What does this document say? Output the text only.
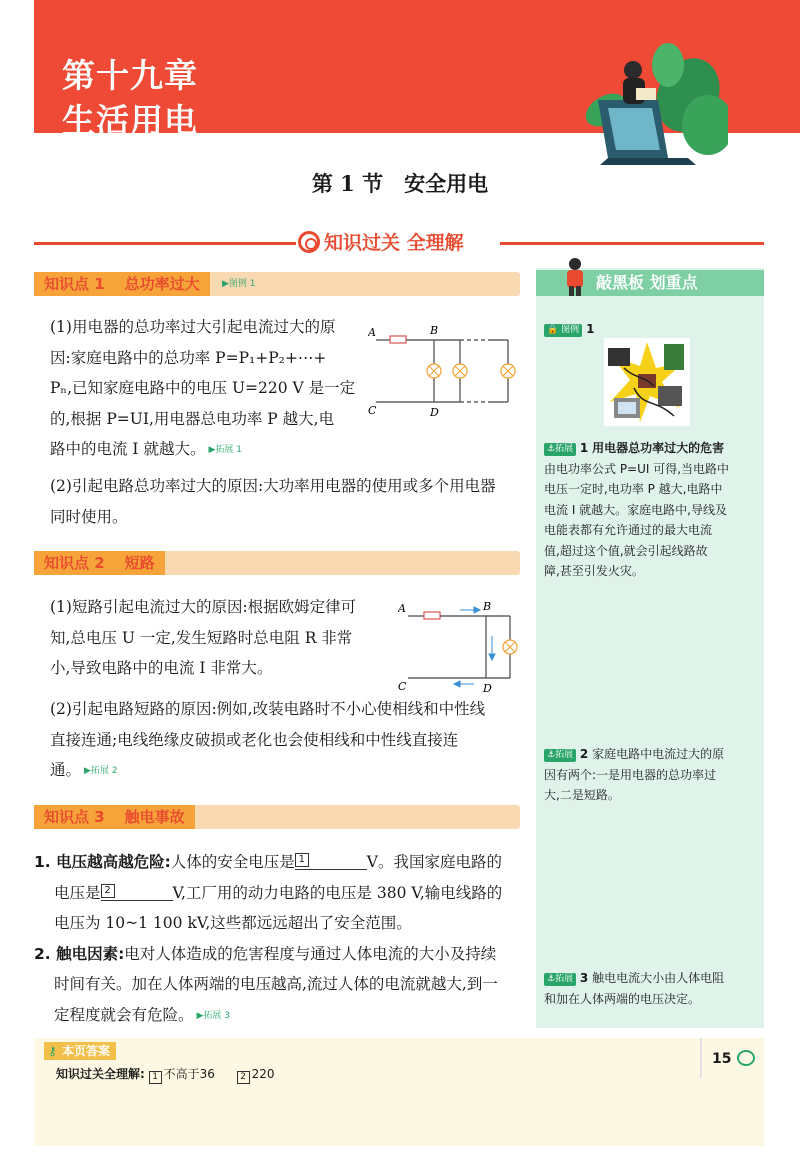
第十九章
生活用电
第 1 节　安全用电
知识过关 全理解
知识点 1 总功率过大	▶图例 1

(1)用电器的总功率过大引起电流过大的原

因:家庭电路中的总功率 P=P₁+P₂+⋯+

Pₙ,已知家庭电路中的电压 U=220 V 是一定

的,根据 P=UI,用电器总电功率 P 越大,电

路中的电流 I 就越大。 ▶拓展 1

A	B
C	D

(2)引起电路总功率过大的原因:大功率用电器的使用或多个用电器

同时使用。

知识点 2 短路

(1)短路引起电流过大的原因:根据欧姆定律可

知,总电压 U 一定,发生短路时总电阻 R 非常

小,导致电路中的电流 I 非常大。

A	B
C	D

(2)引起电路短路的原因:例如,改装电路时不小心使相线和中性线

直接连通;电线绝缘皮破损或老化也会使相线和中性线直接连

通。 ▶拓展 2

知识点 3 触电事故

1. 电压越高越危险:人体的安全电压是 1	V。我国家庭电路的

电压是 2	V,工厂用的动力电路的电压是 380 V,输电线路的

电压为 10~1 100 kV,这些都远远超出了安全范围。

2. 触电因素:电对人体造成的危害程度与通过人体电流的大小及持续

时间有关。加在人体两端的电压越高,流过人体的电流就越大,到一

定程度就会有危险。 ▶拓展 3

敲黑板 划重点
🔒 图例 1
⚓拓展 1 用电器总功率过大的危害
由电功率公式 P=UI 可得,当电路中
电压一定时,电功率 P 越大,电路中
电流 I 就越大。家庭电路中,导线及
电能表都有允许通过的最大电流
值,超过这个值,就会引起线路故
障,甚至引发火灾。
⚓拓展 2 家庭电路中电流过大的原
因有两个:一是用电器的总功率过
大,二是短路。
⚓拓展 3 触电电流大小由人体电阻
和加在人体两端的电压决定。
⚷ 本页答案
知识过关全理解: 1 不高于36	2 220
15
